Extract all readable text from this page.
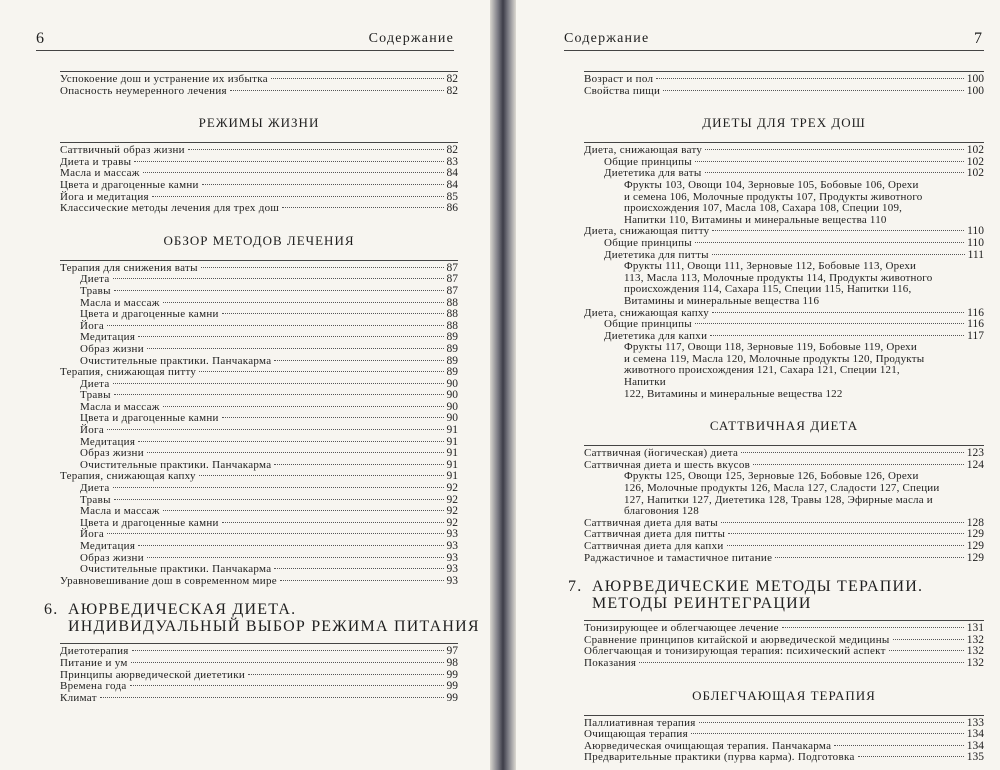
6	Содержание
Успокоение дош и устранение их избытка	82
Опасность неумеренного лечения	82
РЕЖИМЫ ЖИЗНИ
Саттвичный образ жизни	82
Диета и травы	83
Масла и массаж	84
Цвета и драгоценные камни	84
Йога и медитация	85
Классические методы лечения для трех дош	86
ОБЗОР МЕТОДОВ ЛЕЧЕНИЯ
Терапия для снижения ваты	87
Диета	87
Травы	87
Масла и массаж	88
Цвета и драгоценные камни	88
Йога	88
Медитация	89
Образ жизни	89
Очистительные практики. Панчакарма	89
Терапия, снижающая питту	89
Диета	90
Травы	90
Масла и массаж	90
Цвета и драгоценные камни	90
Йога	91
Медитация	91
Образ жизни	91
Очистительные практики. Панчакарма	91
Терапия, снижающая капху	91
Диета	92
Травы	92
Масла и массаж	92
Цвета и драгоценные камни	92
Йога	93
Медитация	93
Образ жизни	93
Очистительные практики. Панчакарма	93
Уравновешивание дош в современном мире	93
6. АЮРВЕДИЧЕСКАЯ ДИЕТА.
ИНДИВИДУАЛЬНЫЙ ВЫБОР РЕЖИМА ПИТАНИЯ
Диетотерапия	97
Питание и ум	98
Принципы аюрведической диететики	99
Времена года	99
Климат	99
Содержание	7
Возраст и пол	100
Свойства пищи	100
ДИЕТЫ ДЛЯ ТРЕХ ДОШ
Диета, снижающая вату	102
Общие принципы	102
Диететика для ваты	102
Фрукты 103, Овощи 104, Зерновые 105, Бобовые 106, Орехи
и семена 106, Молочные продукты 107, Продукты животного
происхождения 107, Масла 108, Сахара 108, Специи 109,
Напитки 110, Витамины и минеральные вещества 110
Диета, снижающая питту	110
Общие принципы	110
Диететика для питты	111
Фрукты 111, Овощи 111, Зерновые 112, Бобовые 113, Орехи
113, Масла 113, Молочные продукты 114, Продукты животного
происхождения 114, Сахара 115, Специи 115, Напитки 116,
Витамины и минеральные вещества 116
Диета, снижающая капху	116
Общие принципы	116
Диететика для капхи	117
Фрукты 117, Овощи 118, Зерновые 119, Бобовые 119, Орехи
и семена 119, Масла 120, Молочные продукты 120, Продукты
животного происхождения 121, Сахара 121, Специи 121, Напитки
122, Витамины и минеральные вещества 122
САТТВИЧНАЯ ДИЕТА
Саттвичная (йогическая) диета	123
Саттвичная диета и шесть вкусов	124
Фрукты 125, Овощи 125, Зерновые 126, Бобовые 126, Орехи
126, Молочные продукты 126, Масла 127, Сладости 127, Специи
127, Напитки 127, Диететика 128, Травы 128, Эфирные масла и
благовония 128
Саттвичная диета для ваты	128
Саттвичная диета для питты	129
Саттвичная диета для капхи	129
Раджастичное и тамастичное питание	129
7. АЮРВЕДИЧЕСКИЕ МЕТОДЫ ТЕРАПИИ.
МЕТОДЫ РЕИНТЕГРАЦИИ
Тонизирующее и облегчающее лечение	131
Сравнение принципов китайской и аюрведической медицины	132
Облегчающая и тонизирующая терапия: психический аспект	132
Показания	132
ОБЛЕГЧАЮЩАЯ ТЕРАПИЯ
Паллиативная терапия	133
Очищающая терапия	134
Аюрведическая очищающая терапия. Панчакарма	134
Предварительные практики (пурва карма). Подготовка	135
